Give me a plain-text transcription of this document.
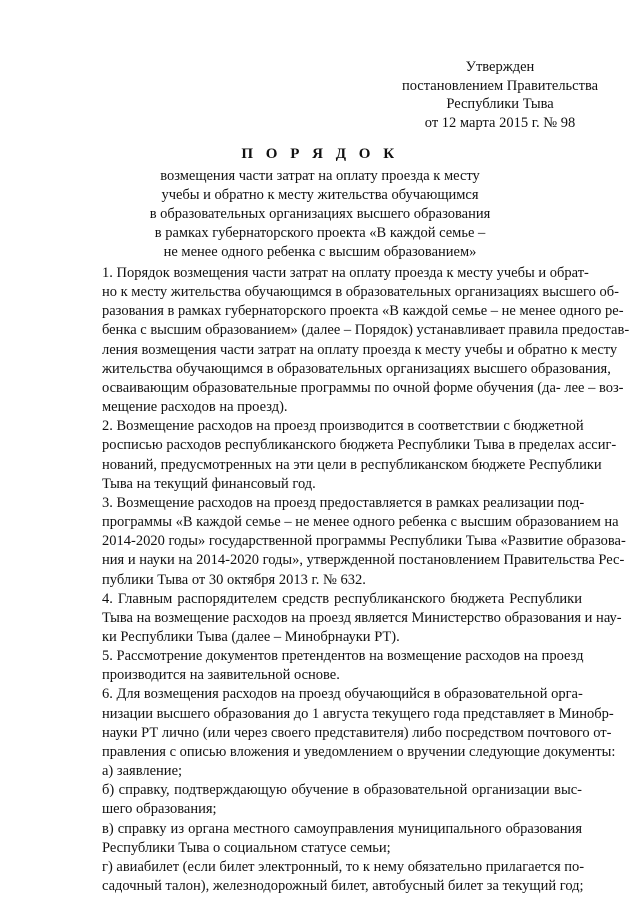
Утвержден
постановлением Правительства
Республики Тыва
от 12 марта 2015 г. № 98
П О Р Я Д О К
возмещения части затрат на оплату проезда к месту
учебы и обратно к месту жительства обучающимся
в образовательных организациях высшего образования
в рамках губернаторского проекта «В каждой семье –
не менее одного ребенка с высшим образованием»

1. Порядок возмещения части затрат на оплату проезда к месту учебы и обрат-
но к месту жительства обучающимся в образовательных организациях высшего об-
разования в рамках губернаторского проекта «В каждой семье – не менее одного ре-
бенка с высшим образованием» (далее – Порядок) устанавливает правила предостав-
ления возмещения части затрат на оплату проезда к месту учебы и обратно к месту
жительства обучающимся в образовательных организациях высшего образования,
осваивающим образовательные программы по очной форме обучения (да- лее – воз-
мещение расходов на проезд).

2. Возмещение расходов на проезд производится в соответствии с бюджетной
росписью расходов республиканского бюджета Республики Тыва в пределах ассиг-
нований, предусмотренных на эти цели в республиканском бюджете Республики
Тыва на текущий финансовый год.

3. Возмещение расходов на проезд предоставляется в рамках реализации под-
программы «В каждой семье – не менее одного ребенка с высшим образованием на
2014-2020 годы» государственной программы Республики Тыва «Развитие образова-
ния и науки на 2014-2020 годы», утвержденной постановлением Правительства Рес-
публики Тыва от 30 октября 2013 г. № 632.

4. Главным распорядителем средств республиканского бюджета Республики
Тыва на возмещение расходов на проезд является Министерство образования и нау-
ки Республики Тыва (далее – Минобрнауки РТ).

5. Рассмотрение документов претендентов на возмещение расходов на проезд
производится на заявительной основе.

6. Для возмещения расходов на проезд обучающийся в образовательной орга-
низации высшего образования до 1 августа текущего года представляет в Минобр-
науки РТ лично (или через своего представителя) либо посредством почтового от-
правления с описью вложения и уведомлением о вручении следующие документы:

а) заявление;

б) справку, подтверждающую обучение в образовательной организации выс-
шего образования;

в) справку из органа местного самоуправления муниципального образования
Республики Тыва о социальном статусе семьи;

г) авиабилет (если билет электронный, то к нему обязательно прилагается по-
садочный талон), железнодорожный билет, автобусный билет за текущий год;
